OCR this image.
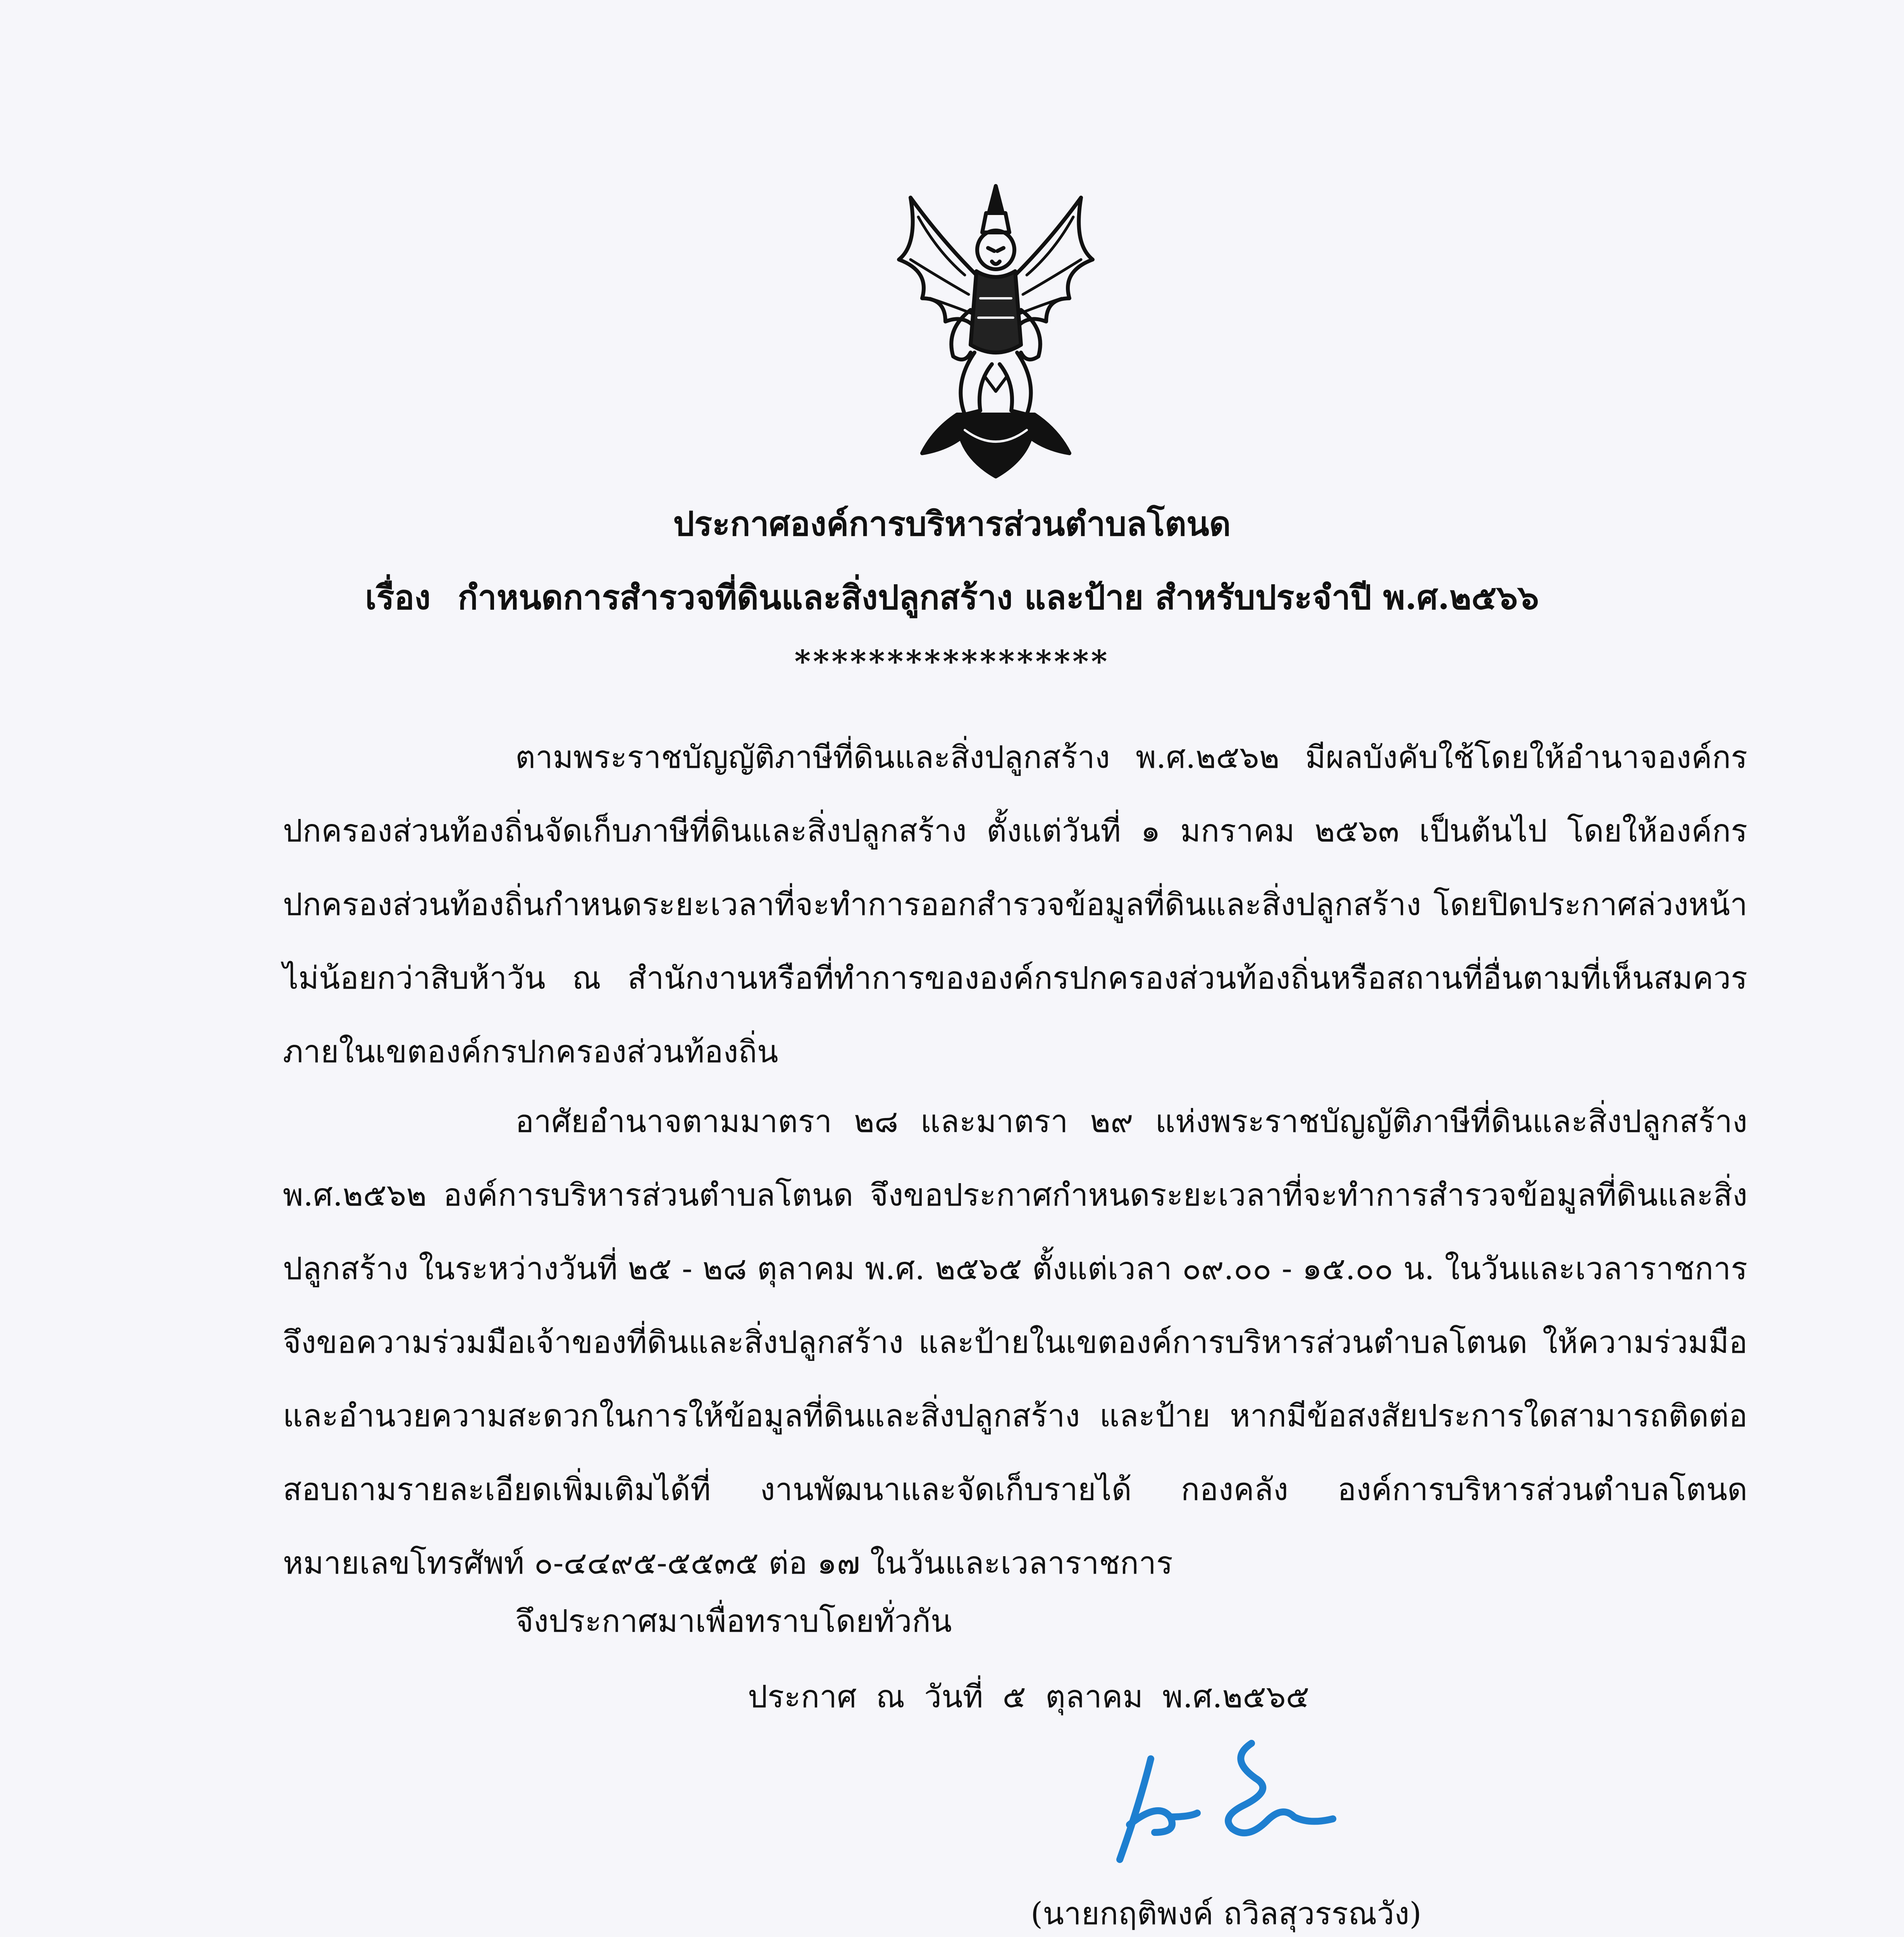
ประกาศองค์การบริหารส่วนตำบลโตนด
เรื่อง กำหนดการสำรวจที่ดินและสิ่งปลูกสร้าง และป้าย สำหรับประจำปี พ.ศ.๒๕๖๖
*****************

ตามพระราชบัญญัติภาษีที่ดินและสิ่งปลูกสร้าง พ.ศ.๒๕๖๒ มีผลบังคับใช้โดยให้อำนาจองค์กรปกครองส่วนท้องถิ่นจัดเก็บภาษีที่ดินและสิ่งปลูกสร้าง ตั้งแต่วันที่ ๑ มกราคม ๒๕๖๓ เป็นต้นไป โดยให้องค์กรปกครองส่วนท้องถิ่นกำหนดระยะเวลาที่จะทำการออกสำรวจข้อมูลที่ดินและสิ่งปลูกสร้าง โดยปิดประกาศล่วงหน้าไม่น้อยกว่าสิบห้าวัน ณ สำนักงานหรือที่ทำการขององค์กรปกครองส่วนท้องถิ่นหรือสถานที่อื่นตามที่เห็นสมควรภายในเขตองค์กรปกครองส่วนท้องถิ่น

อาศัยอำนาจตามมาตรา ๒๘ และมาตรา ๒๙ แห่งพระราชบัญญัติภาษีที่ดินและสิ่งปลูกสร้าง พ.ศ.๒๕๖๒ องค์การบริหารส่วนตำบลโตนด จึงขอประกาศกำหนดระยะเวลาที่จะทำการสำรวจข้อมูลที่ดินและสิ่งปลูกสร้าง ในระหว่างวันที่ ๒๕ - ๒๘ ตุลาคม พ.ศ. ๒๕๖๕ ตั้งแต่เวลา ๐๙.๐๐ - ๑๕.๐๐ น. ในวันและเวลาราชการ จึงขอความร่วมมือเจ้าของที่ดินและสิ่งปลูกสร้าง และป้ายในเขตองค์การบริหารส่วนตำบลโตนด ให้ความร่วมมือและอำนวยความสะดวกในการให้ข้อมูลที่ดินและสิ่งปลูกสร้าง และป้าย หากมีข้อสงสัยประการใดสามารถติดต่อสอบถามรายละเอียดเพิ่มเติมได้ที่ งานพัฒนาและจัดเก็บรายได้ กองคลัง องค์การบริหารส่วนตำบลโตนด หมายเลขโทรศัพท์ ๐-๔๔๙๕-๕๕๓๕ ต่อ ๑๗ ในวันและเวลาราชการ

จึงประกาศมาเพื่อทราบโดยทั่วกัน

ประกาศ ณ วันที่ ๕ ตุลาคม พ.ศ.๒๕๖๕
(นายกฤติพงค์ ถวิลสุวรรณวัง)
